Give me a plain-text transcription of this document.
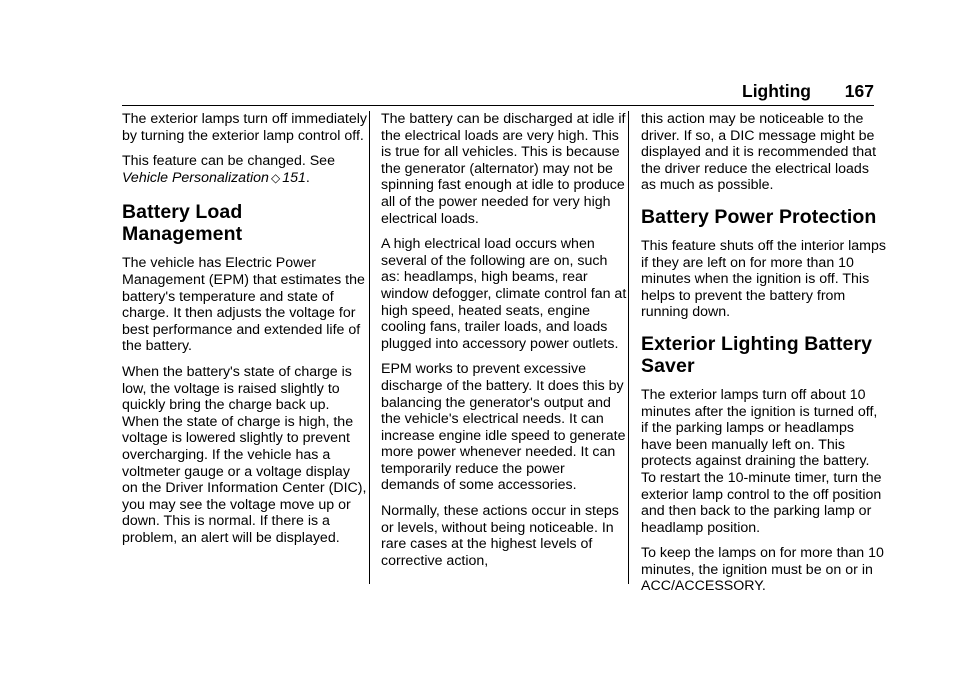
Lighting 167

The exterior lamps turn off immediately by turning the exterior lamp control off.

This feature can be changed. See
Vehicle Personalization ◇ 151.

Battery Load Management

The vehicle has Electric Power Management (EPM) that estimates the battery's temperature and state of charge. It then adjusts the voltage for best performance and extended life of the battery.

When the battery's state of charge is low, the voltage is raised slightly to quickly bring the charge back up. When the state of charge is high, the voltage is lowered slightly to prevent overcharging. If the vehicle has a voltmeter gauge or a voltage display on the Driver Information Center (DIC), you may see the voltage move up or down. This is normal. If there is a problem, an alert will be displayed.

The battery can be discharged at idle if the electrical loads are very high. This is true for all vehicles. This is because the generator (alternator) may not be spinning fast enough at idle to produce all of the power needed for very high electrical loads.

A high electrical load occurs when several of the following are on, such as: headlamps, high beams, rear window defogger, climate control fan at high speed, heated seats, engine cooling fans, trailer loads, and loads plugged into accessory power outlets.

EPM works to prevent excessive discharge of the battery. It does this by balancing the generator's output and the vehicle's electrical needs. It can increase engine idle speed to generate more power whenever needed. It can temporarily reduce the power demands of some accessories.

Normally, these actions occur in steps or levels, without being noticeable. In rare cases at the highest levels of corrective action,

this action may be noticeable to the driver. If so, a DIC message might be displayed and it is recommended that the driver reduce the electrical loads as much as possible.

Battery Power Protection

This feature shuts off the interior lamps if they are left on for more than 10 minutes when the ignition is off. This helps to prevent the battery from running down.

Exterior Lighting Battery Saver

The exterior lamps turn off about 10 minutes after the ignition is turned off, if the parking lamps or headlamps have been manually left on. This protects against draining the battery. To restart the 10-minute timer, turn the exterior lamp control to the off position and then back to the parking lamp or headlamp position.

To keep the lamps on for more than 10 minutes, the ignition must be on or in ACC/ACCESSORY.
